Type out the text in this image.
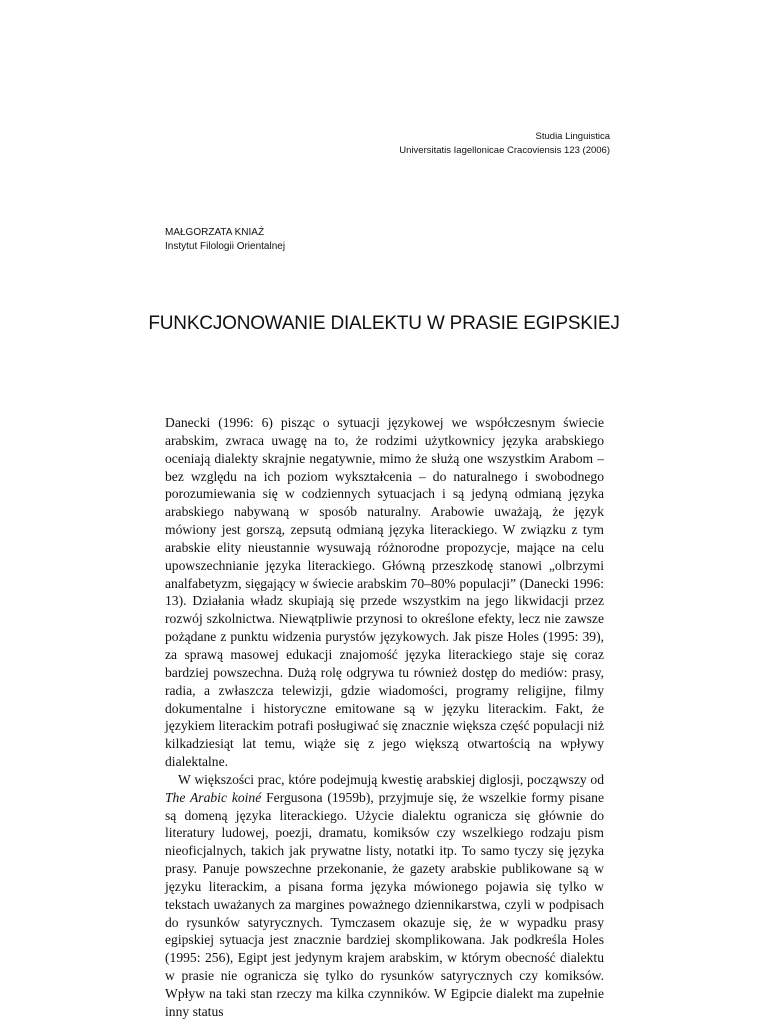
Studia Linguistica
Universitatis Iagellonicae Cracoviensis 123 (2006)
MAŁGORZATA KNIAŹ
Instytut Filologii Orientalnej
FUNKCJONOWANIE DIALEKTU W PRASIE EGIPSKIEJ

Danecki (1996: 6) pisząc o sytuacji językowej we współczesnym świecie arabskim, zwraca uwagę na to, że rodzimi użytkownicy języka arabskiego oceniają dialekty skrajnie negatywnie, mimo że służą one wszystkim Arabom – bez względu na ich poziom wykształcenia – do naturalnego i swobodnego porozumiewania się w codziennych sytuacjach i są jedyną odmianą języka arabskiego nabywaną w sposób naturalny. Arabowie uważają, że język mówiony jest gorszą, zepsutą odmianą języka literackiego. W związku z tym arabskie elity nieustannie wysuwają różnorodne propozycje, mające na celu upowszechnianie języka literackiego. Główną przeszkodę stanowi „olbrzymi analfabetyzm, sięgający w świecie arabskim 70–80% populacji” (Danecki 1996: 13). Działania władz skupiają się przede wszystkim na jego likwidacji przez rozwój szkolnictwa. Niewątpliwie przynosi to określone efekty, lecz nie zawsze pożądane z punktu widzenia purystów językowych. Jak pisze Holes (1995: 39), za sprawą masowej edukacji znajomość języka literackiego staje się coraz bardziej powszechna. Dużą rolę odgrywa tu również dostęp do mediów: prasy, radia, a zwłaszcza telewizji, gdzie wiadomości, programy religijne, filmy dokumentalne i historyczne emitowane są w języku literackim. Fakt, że językiem literackim potrafi posługiwać się znacznie większa część populacji niż kilkadziesiąt lat temu, wiąże się z jego większą otwartością na wpływy dialektalne.

W większości prac, które podejmują kwestię arabskiej diglosji, począwszy od The Arabic koiné Fergusona (1959b), przyjmuje się, że wszelkie formy pisane są domeną języka literackiego. Użycie dialektu ogranicza się głównie do literatury ludowej, poezji, dramatu, komiksów czy wszelkiego rodzaju pism nieoficjalnych, takich jak prywatne listy, notatki itp. To samo tyczy się języka prasy. Panuje powszechne przekonanie, że gazety arabskie publikowane są w języku literackim, a pisana forma języka mówionego pojawia się tylko w tekstach uważanych za margines poważnego dziennikarstwa, czyli w podpisach do rysunków satyrycznych. Tymczasem okazuje się, że w wypadku prasy egipskiej sytuacja jest znacznie bardziej skomplikowana. Jak podkreśla Holes (1995: 256), Egipt jest jedynym krajem arabskim, w którym obecność dialektu w prasie nie ogranicza się tylko do rysunków satyrycznych czy komiksów. Wpływ na taki stan rzeczy ma kilka czynników. W Egipcie dialekt ma zupełnie inny status
